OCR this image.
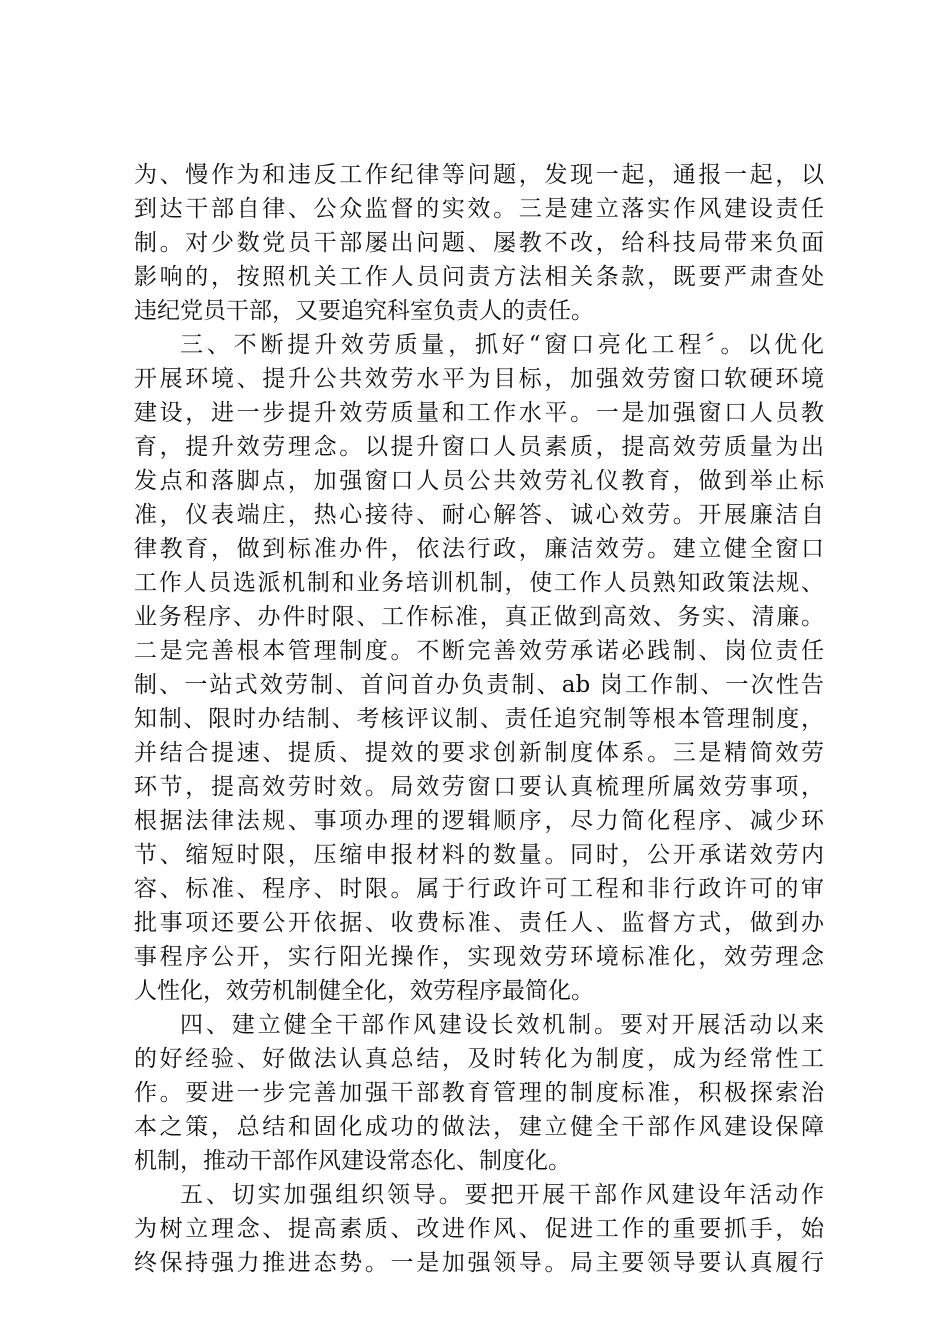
为、慢作为和违反工作纪律等问题，发现一起，通报一起，以
到达干部自律、公众监督的实效。三是建立落实作风建设责任
制。对少数党员干部屡出问题、屡教不改，给科技局带来负面
影响的，按照机关工作人员问责方法相关条款，既要严肃查处
违纪党员干部，又要追究科室负责人的责任。
三、不断提升效劳质量，抓好“窗口亮化工程〞。以优化
开展环境、提升公共效劳水平为目标，加强效劳窗口软硬环境
建设，进一步提升效劳质量和工作水平。一是加强窗口人员教
育，提升效劳理念。以提升窗口人员素质，提高效劳质量为出
发点和落脚点，加强窗口人员公共效劳礼仪教育，做到举止标
准，仪表端庄，热心接待、耐心解答、诚心效劳。开展廉洁自
律教育，做到标准办件，依法行政，廉洁效劳。建立健全窗口
工作人员选派机制和业务培训机制，使工作人员熟知政策法规、
业务程序、办件时限、工作标准，真正做到高效、务实、清廉。
二是完善根本管理制度。不断完善效劳承诺必践制、岗位责任
制、一站式效劳制、首问首办负责制、ab 岗工作制、一次性告
知制、限时办结制、考核评议制、责任追究制等根本管理制度，
并结合提速、提质、提效的要求创新制度体系。三是精简效劳
环节，提高效劳时效。局效劳窗口要认真梳理所属效劳事项，
根据法律法规、事项办理的逻辑顺序，尽力简化程序、减少环
节、缩短时限，压缩申报材料的数量。同时，公开承诺效劳内
容、标准、程序、时限。属于行政许可工程和非行政许可的审
批事项还要公开依据、收费标准、责任人、监督方式，做到办
事程序公开，实行阳光操作，实现效劳环境标准化，效劳理念
人性化，效劳机制健全化，效劳程序最简化。
四、建立健全干部作风建设长效机制。要对开展活动以来
的好经验、好做法认真总结，及时转化为制度，成为经常性工
作。要进一步完善加强干部教育管理的制度标准，积极探索治
本之策，总结和固化成功的做法，建立健全干部作风建设保障
机制，推动干部作风建设常态化、制度化。
五、切实加强组织领导。要把开展干部作风建设年活动作
为树立理念、提高素质、改进作风、促进工作的重要抓手，始
终保持强力推进态势。一是加强领导。局主要领导要认真履行
